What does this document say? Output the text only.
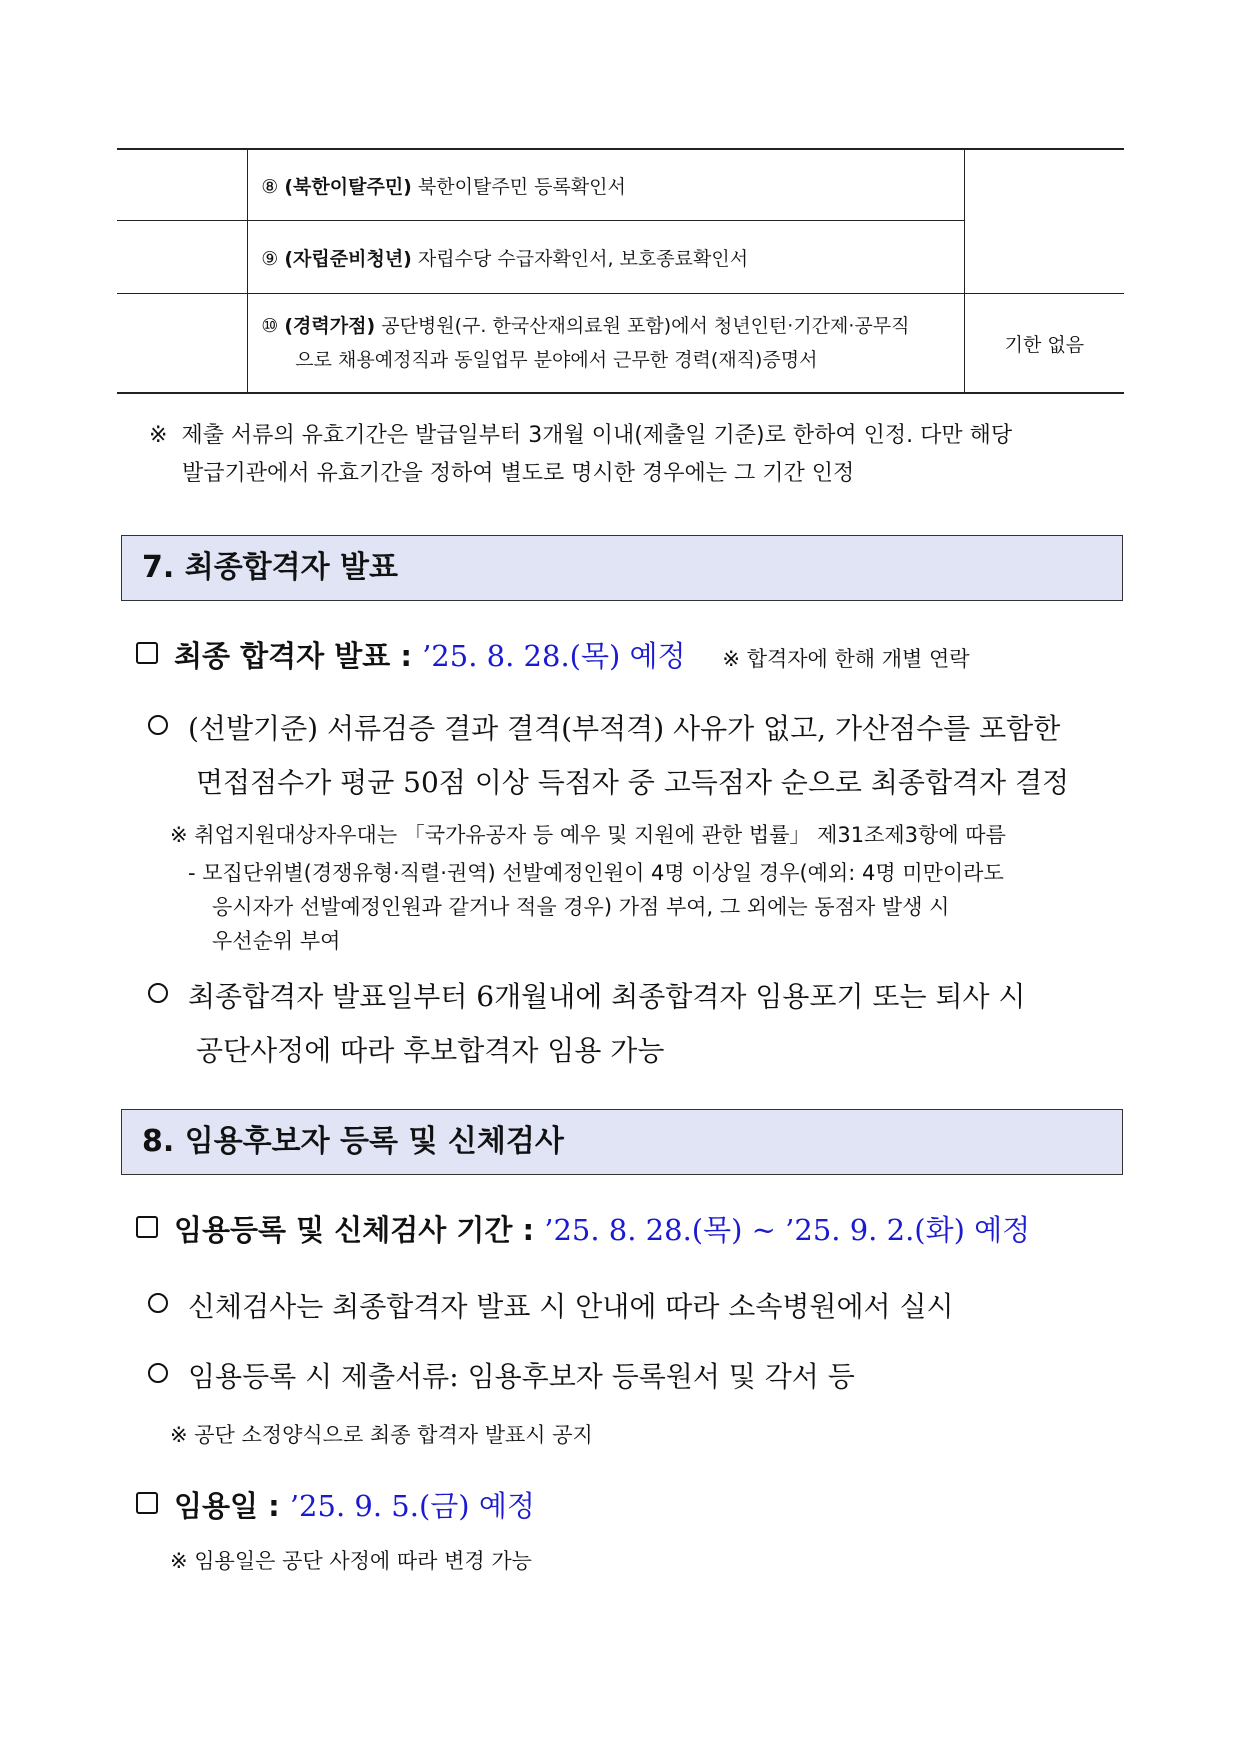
	⑧ (북한이탈주민) 북한이탈주민 등록확인서	
	⑨ (자립준비청년) 자립수당 수급자확인서, 보호종료확인서	

	⑩ (경력가점) 공단병원(구. 한국산재의료원 포함)에서 청년인턴·기간제·공무직
으로 채용예정직과 동일업무 분야에서 근무한 경력(재직)증명서	기한 없음
※ 제출 서류의 유효기간은 발급일부터 3개월 이내(제출일 기준)로 한하여 인정. 다만 해당
발급기관에서 유효기간을 정하여 별도로 명시한 경우에는 그 기간 인정
7. 최종합격자 발표
최종 합격자 발표 : ’25. 8. 28.(목) 예정 ※ 합격자에 한해 개별 연락
(선발기준) 서류검증 결과 결격(부적격) 사유가 없고, 가산점수를 포함한
면접점수가 평균 50점 이상 득점자 중 고득점자 순으로 최종합격자 결정
※ 취업지원대상자우대는 「국가유공자 등 예우 및 지원에 관한 법률」 제31조제3항에 따름
- 모집단위별(경쟁유형·직렬·권역) 선발예정인원이 4명 이상일 경우(예외: 4명 미만이라도
응시자가 선발예정인원과 같거나 적을 경우) 가점 부여, 그 외에는 동점자 발생 시
우선순위 부여
최종합격자 발표일부터 6개월내에 최종합격자 임용포기 또는 퇴사 시
공단사정에 따라 후보합격자 임용 가능
8. 임용후보자 등록 및 신체검사
임용등록 및 신체검사 기간 : ’25. 8. 28.(목) ~ ’25. 9. 2.(화) 예정
신체검사는 최종합격자 발표 시 안내에 따라 소속병원에서 실시
임용등록 시 제출서류: 임용후보자 등록원서 및 각서 등
※ 공단 소정양식으로 최종 합격자 발표시 공지
임용일 : ’25. 9. 5.(금) 예정
※ 임용일은 공단 사정에 따라 변경 가능
